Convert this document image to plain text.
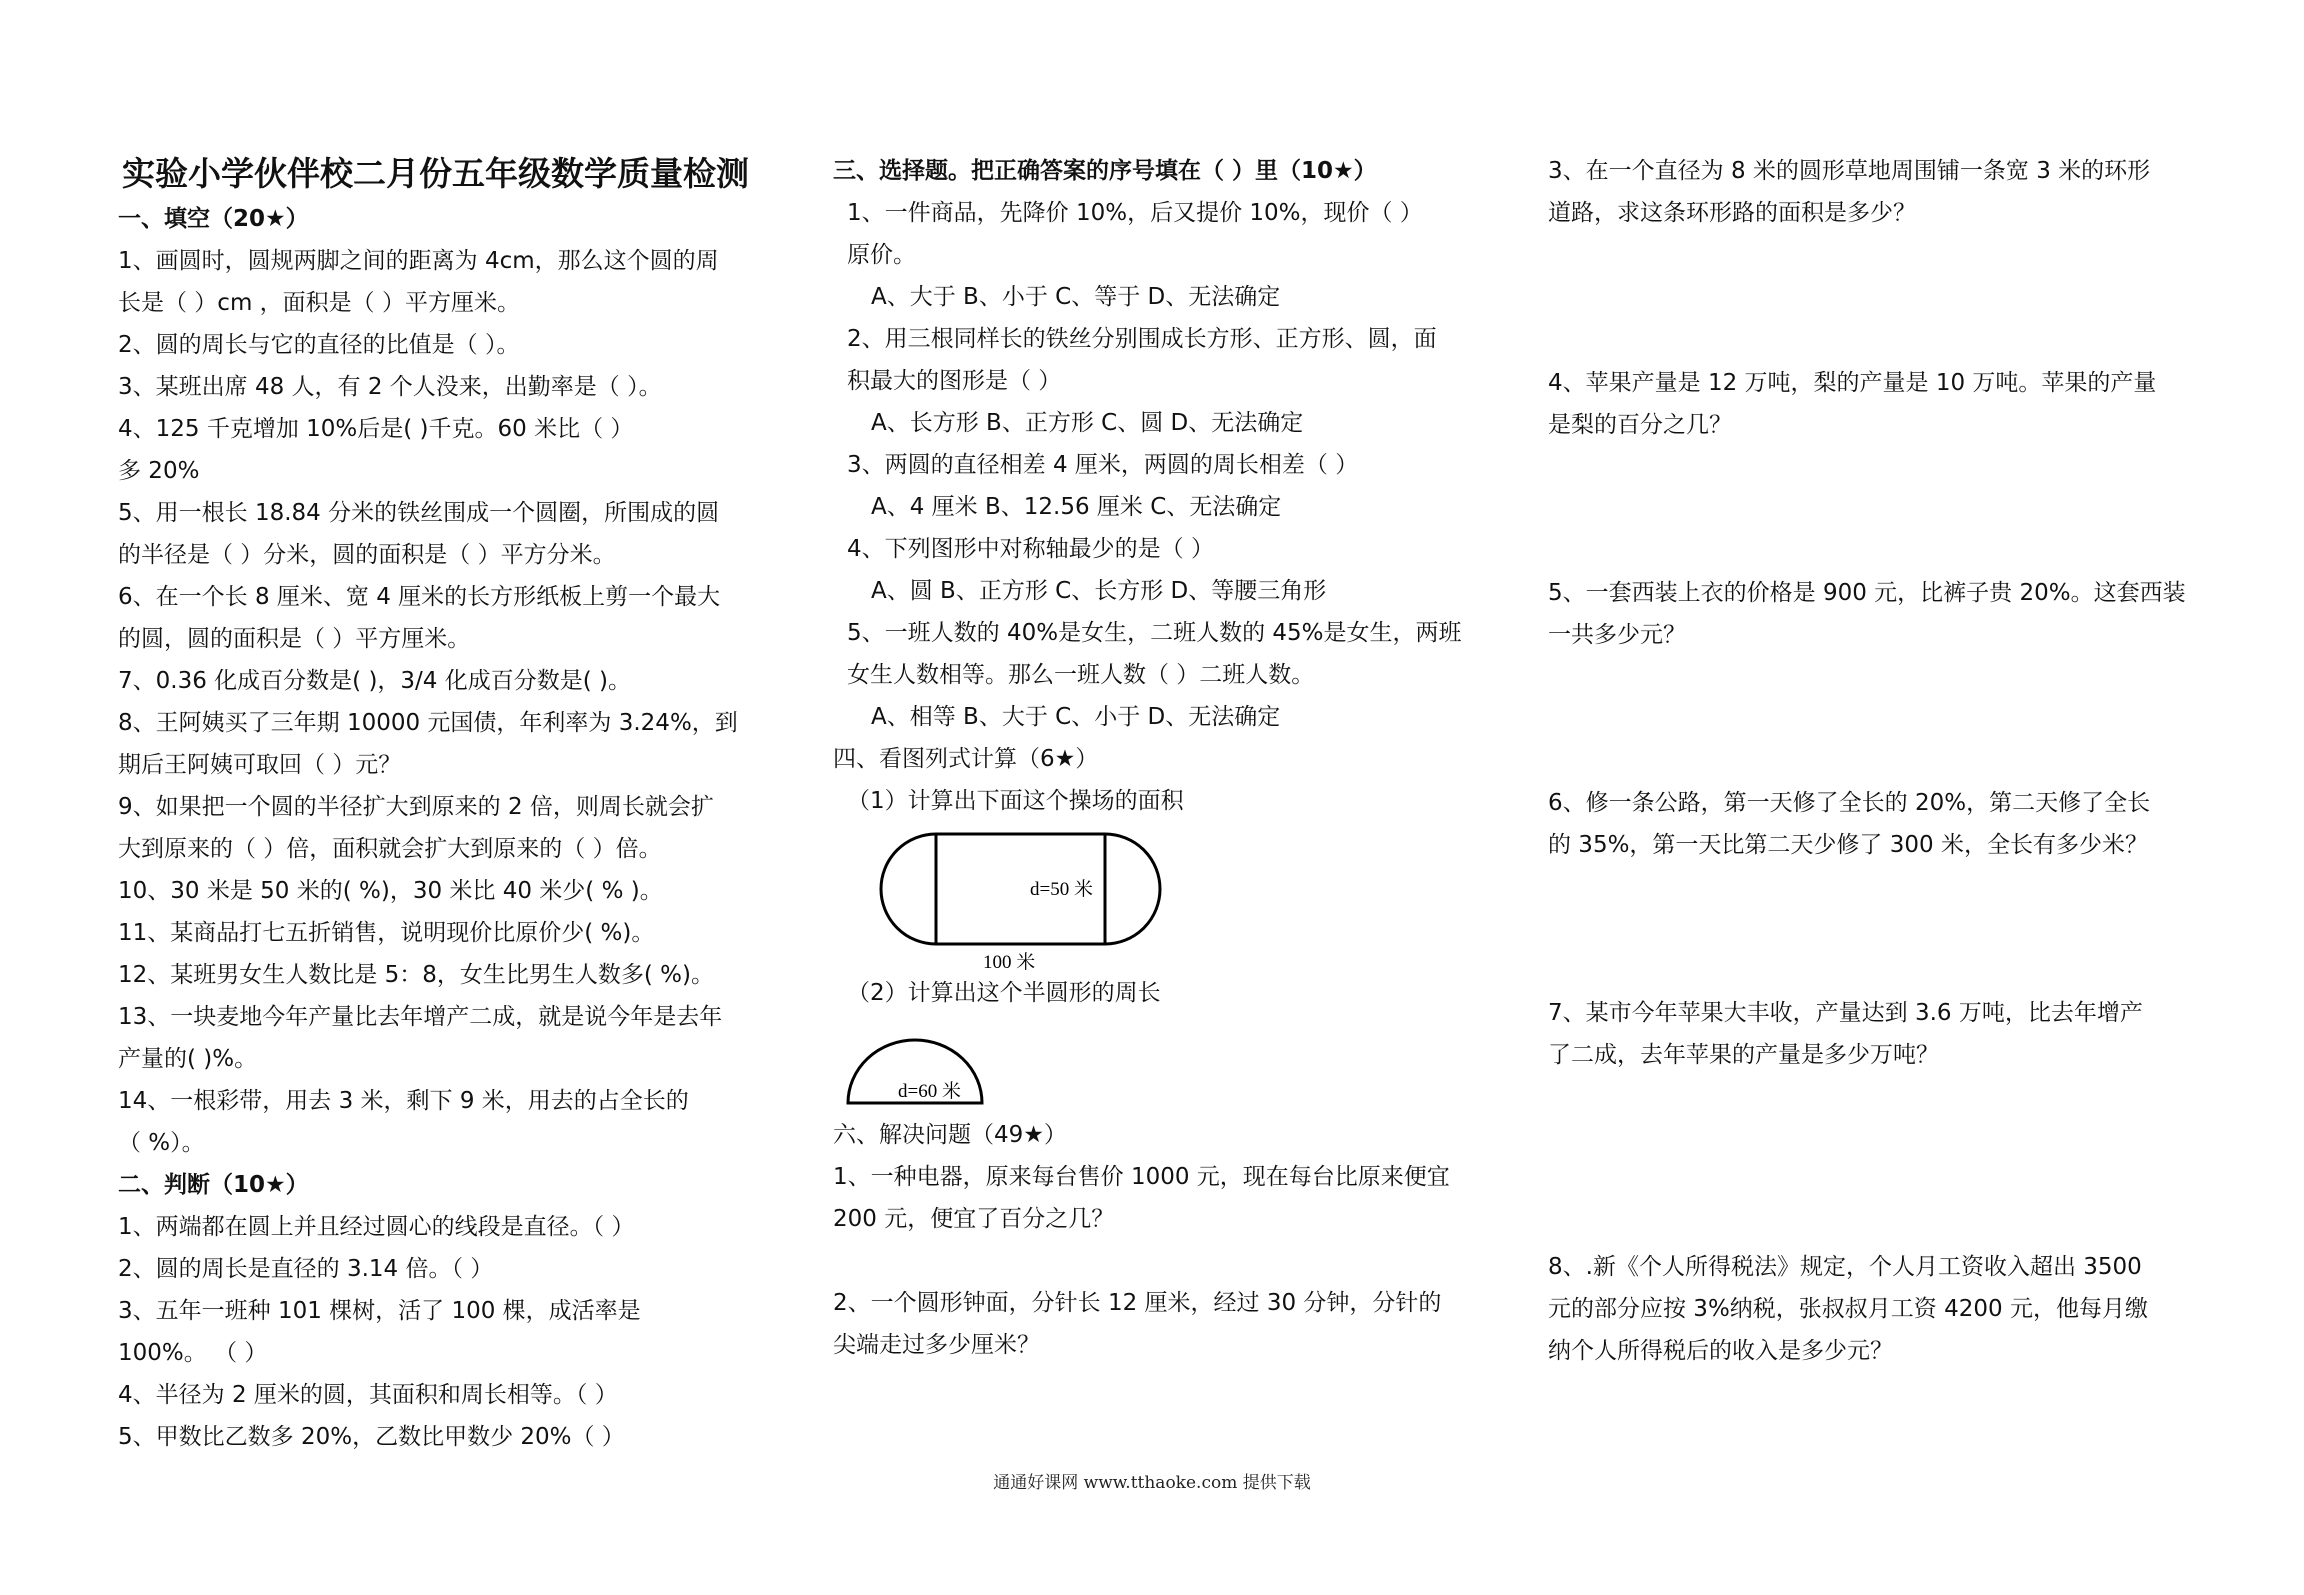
实验小学伙伴校二月份五年级数学质量检测
一、填空（20★）
1、画圆时，圆规两脚之间的距离为 4cm，那么这个圆的周
长是（ ）cm ，面积是（ ）平方厘米。
2、圆的周长与它的直径的比值是（ ）。
3、某班出席 48 人，有 2 个人没来，出勤率是（ ）。
4、125 千克增加 10%后是( )千克。60 米比（ ）
多 20%
5、用一根长 18.84 分米的铁丝围成一个圆圈，所围成的圆
的半径是（ ）分米，圆的面积是（ ）平方分米。
6、在一个长 8 厘米、宽 4 厘米的长方形纸板上剪一个最大
的圆，圆的面积是（ ）平方厘米。
7、0.36 化成百分数是( )，3/4 化成百分数是( )。
8、王阿姨买了三年期 10000 元国债，年利率为 3.24%，到
期后王阿姨可取回（ ）元？
9、如果把一个圆的半径扩大到原来的 2 倍，则周长就会扩
大到原来的（ ）倍，面积就会扩大到原来的（ ）倍。
10、30 米是 50 米的( %)，30 米比 40 米少( % )。
11、某商品打七五折销售，说明现价比原价少( %)。
12、某班男女生人数比是 5：8，女生比男生人数多( %)。
13、一块麦地今年产量比去年增产二成，就是说今年是去年
产量的( )%。
14、一根彩带，用去 3 米，剩下 9 米，用去的占全长的
（ %）。
二、判断（10★）
1、两端都在圆上并且经过圆心的线段是直径。（ ）
2、圆的周长是直径的 3.14 倍。（ ）
3、五年一班种 101 棵树，活了 100 棵，成活率是
100%。 （ ）
4、半径为 2 厘米的圆，其面积和周长相等。（ ）
5、甲数比乙数多 20%，乙数比甲数少 20%（ ）
三、选择题。把正确答案的序号填在（ ）里（10★）
1、一件商品，先降价 10%，后又提价 10%，现价（ ）
原价。
A、大于 B、小于 C、等于 D、无法确定
2、用三根同样长的铁丝分别围成长方形、正方形、圆，面
积最大的图形是（ ）
A、长方形 B、正方形 C、圆 D、无法确定
3、两圆的直径相差 4 厘米，两圆的周长相差（ ）
A、4 厘米 B、12.56 厘米 C、无法确定
4、下列图形中对称轴最少的是（ ）
A、圆 B、正方形 C、长方形 D、等腰三角形
5、一班人数的 40%是女生，二班人数的 45%是女生，两班
女生人数相等。那么一班人数（ ）二班人数。
A、相等 B、大于 C、小于 D、无法确定
四、看图列式计算（6★）
（1）计算出下面这个操场的面积
d=50 米
100 米
（2）计算出这个半圆形的周长
d=60 米
六、解决问题（49★）
1、一种电器，原来每台售价 1000 元，现在每台比原来便宜
200 元，便宜了百分之几？
2、一个圆形钟面，分针长 12 厘米，经过 30 分钟，分针的
尖端走过多少厘米？
3、在一个直径为 8 米的圆形草地周围铺一条宽 3 米的环形
道路，求这条环形路的面积是多少？
4、苹果产量是 12 万吨，梨的产量是 10 万吨。苹果的产量
是梨的百分之几？
5、一套西装上衣的价格是 900 元，比裤子贵 20%。这套西装
一共多少元？
6、修一条公路，第一天修了全长的 20%，第二天修了全长
的 35%，第一天比第二天少修了 300 米，全长有多少米？
7、某市今年苹果大丰收，产量达到 3.6 万吨，比去年增产
了二成，去年苹果的产量是多少万吨？
8、.新《个人所得税法》规定，个人月工资收入超出 3500
元的部分应按 3%纳税，张叔叔月工资 4200 元，他每月缴
纳个人所得税后的收入是多少元？
通通好课网 www.tthaoke.com 提供下载
